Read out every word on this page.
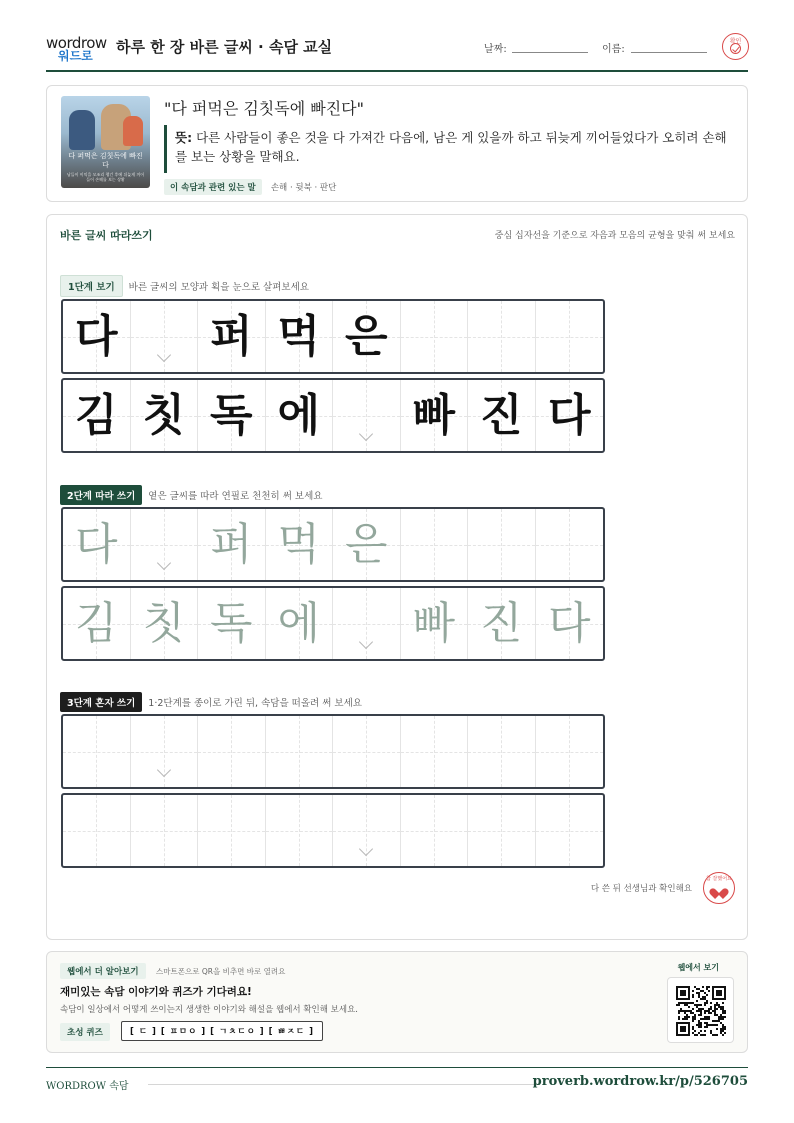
wordrow
워드로 하루 한 장 바른 글씨 · 속담 교실	날짜:	이름:
확인
다 퍼먹은 김칫독에 빠진다
남들이 이익을 모조리 챙긴 후에 뒤늦게 끼어들어 손해를 보는 상황
"다 퍼먹은 김칫독에 빠진다"
뜻: 다른 사람들이 좋은 것을 다 가져간 다음에, 남은 게 있을까 하고 뒤늦게 끼어들었다가 오히려 손해를 보는 상황을 말해요.
이 속담과 관련 있는 말 손해 · 뒷북 · 판단
바른 글씨 따라쓰기	중심 십자선을 기준으로 자음과 모음의 균형을 맞춰 써 보세요
1단계 보기 바른 글씨의 모양과 획을 눈으로 살펴보세요
다 퍼 먹 은
김 칫 독 에 빠 진 다
2단계 따라 쓰기 옅은 글씨를 따라 연필로 천천히 써 보세요
다 퍼 먹 은
김 칫 독 에 빠 진 다
3단계 혼자 쓰기 1·2단계를 종이로 가린 뒤, 속담을 떠올려 써 보세요
다 쓴 뒤 선생님과 확인해요
참 잘했어요
웹에서 더 알아보기	스마트폰으로 QR을 비추면 바로 열려요
재미있는 속담 이야기와 퀴즈가 기다려요!
속담이 일상에서 어떻게 쓰이는지 생생한 이야기와 해설을 웹에서 확인해 보세요.
초성 퀴즈	[ ㄷ ] [ ㅍㅁㅇ ] [ ㄱㅊㄷㅇ ] [ ㅃㅈㄷ ]
웹에서 보기
WORDROW 속담	proverb.wordrow.kr/p/526705
